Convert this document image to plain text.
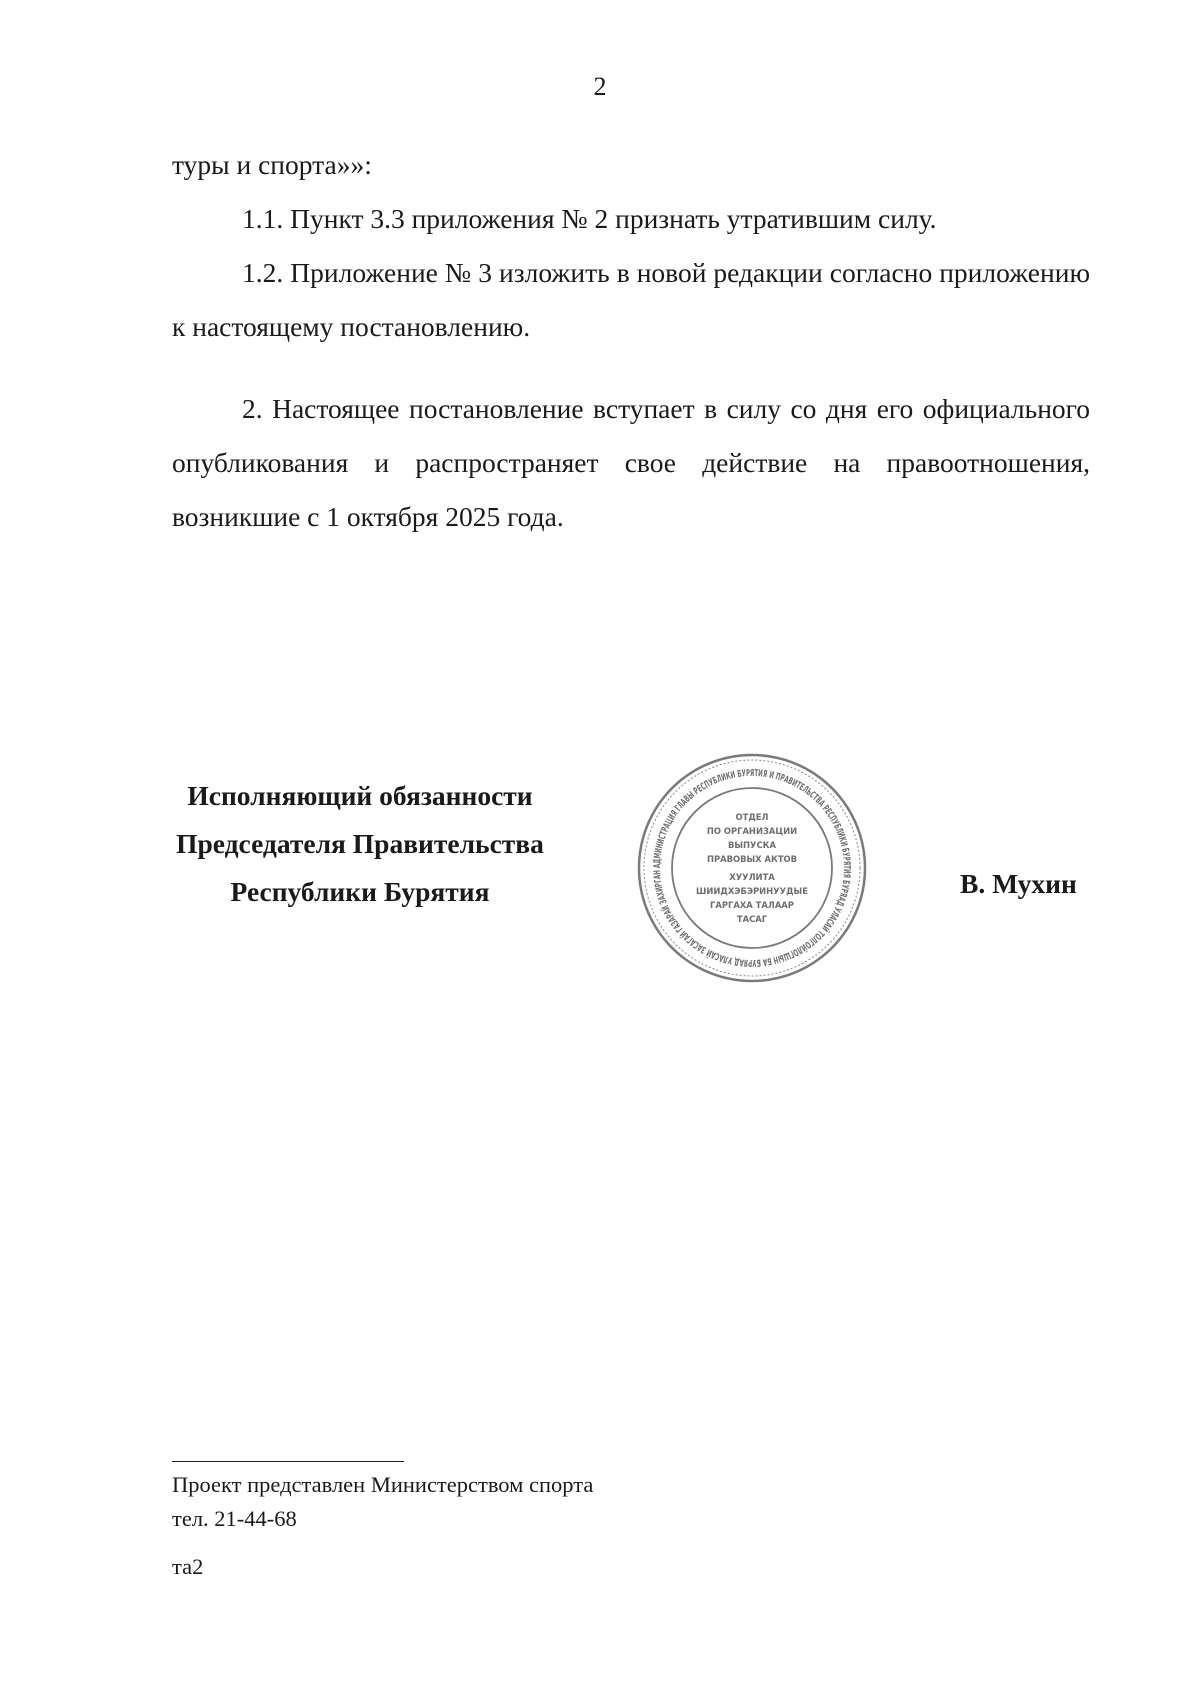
2

туры и спорта»»:

1.1. Пункт 3.3 приложения № 2 признать утратившим силу.

1.2. Приложение № 3 изложить в новой редакции согласно приложению к настоящему постановлению.

2. Настоящее постановление вступает в силу со дня его официального опубликования и распространяет свое действие на правоотношения, возникшие с 1 октября 2025 года.

Исполняющий обязанности
Председателя Правительства
Республики Бурятия
АДМИНИСТРАЦИЯ ГЛАВЫ РЕСПУБЛИКИ БУРЯТИЯ И ПРАВИТЕЛЬСТВА РЕСПУБЛИКИ БУРЯТИЯ БУРЯАД УЛАСАЙ ТОЛГОЙЛОГШЫН БА БУРЯАД УЛАСАЙ ЗАСАГАЙ ГАЗАРАЙ ЗАХИРГАН
ОТДЕЛ
ПО ОРГАНИЗАЦИИ
ВЫПУСКА
ПРАВОВЫХ АКТОВ
ХУУЛИТА
ШИИДХЭБЭРИНУУДЫЕ
ГАРГАХА ТАЛААР
ТАСАГ
В. Мухин
Проект представлен Министерством спорта
тел. 21-44-68
та2
